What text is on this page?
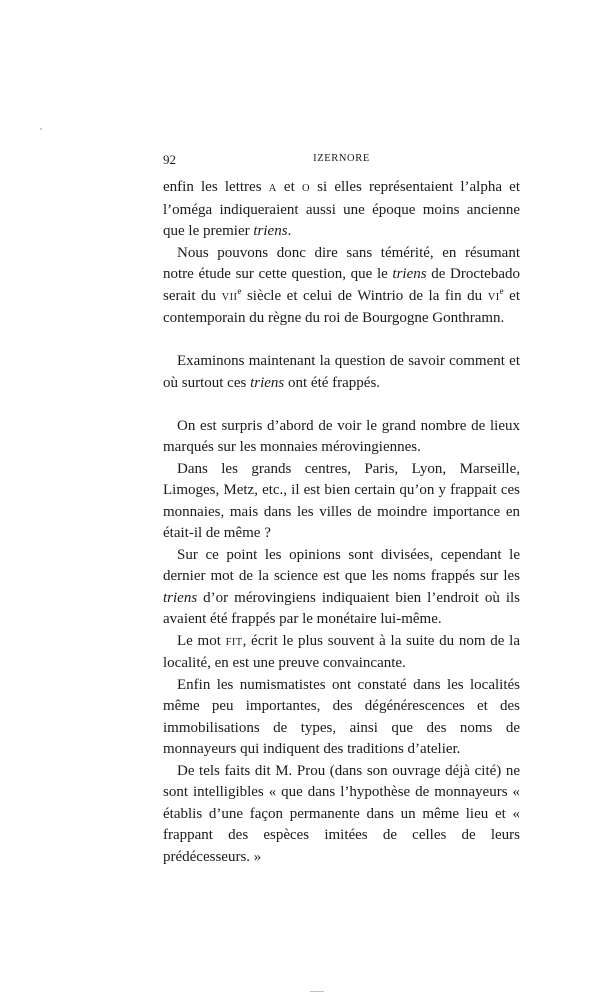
92	IZERNORE

enfin les lettres A et O si elles représentaient l’alpha et l’oméga indiqueraient aussi une époque moins ancienne que le premier triens.

Nous pouvons donc dire sans témérité, en résumant notre étude sur cette question, que le triens de Droctebado serait du VIIe siècle et celui de Wintrio de la fin du VIe et contemporain du règne du roi de Bourgogne Gonthramn.

Examinons maintenant la question de savoir comment et où surtout ces triens ont été frappés.

On est surpris d’abord de voir le grand nombre de lieux marqués sur les monnaies mérovingiennes.

Dans les grands centres, Paris, Lyon, Marseille, Limoges, Metz, etc., il est bien certain qu’on y frappait ces monnaies, mais dans les villes de moindre importance en était-il de même ?

Sur ce point les opinions sont divisées, cependant le dernier mot de la science est que les noms frappés sur les triens d’or mérovingiens indiquaient bien l’endroit où ils avaient été frappés par le monétaire lui-même.

Le mot FIT, écrit le plus souvent à la suite du nom de la localité, en est une preuve convaincante.

Enfin les numismatistes ont constaté dans les localités même peu importantes, des dégénérescences et des immobilisations de types, ainsi que des noms de monnayeurs qui indiquent des traditions d’atelier.

De tels faits dit M. Prou (dans son ouvrage déjà cité) ne sont intelligibles « que dans l’hypothèse de monnayeurs « établis d’une façon permanente dans un même lieu et « frappant des espèces imitées de celles de leurs prédécesseurs. »
